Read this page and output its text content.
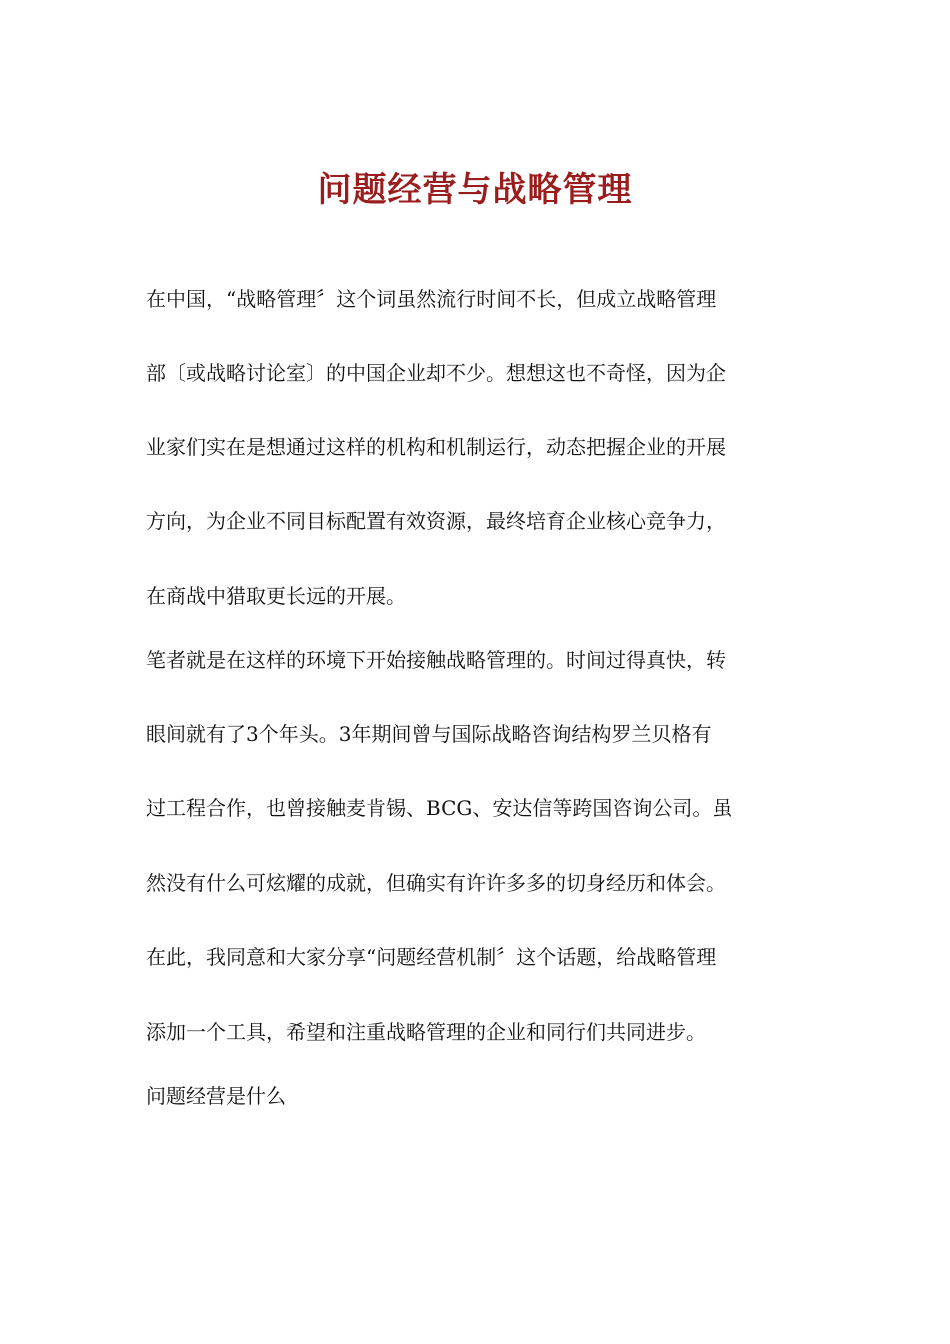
问题经营与战略管理

在中国，“战略管理〞这个词虽然流行时间不长，但成立战略管理

部〔或战略讨论室〕的中国企业却不少。想想这也不奇怪，因为企

业家们实在是想通过这样的机构和机制运行，动态把握企业的开展

方向，为企业不同目标配置有效资源，最终培育企业核心竞争力，

在商战中猎取更长远的开展。

笔者就是在这样的环境下开始接触战略管理的。时间过得真快，转

眼间就有了3个年头。3年期间曾与国际战略咨询结构罗兰贝格有

过工程合作，也曾接触麦肯锡、BCG、安达信等跨国咨询公司。虽

然没有什么可炫耀的成就，但确实有许许多多的切身经历和体会。

在此，我同意和大家分享“问题经营机制〞这个话题，给战略管理

添加一个工具，希望和注重战略管理的企业和同行们共同进步。

问题经营是什么
